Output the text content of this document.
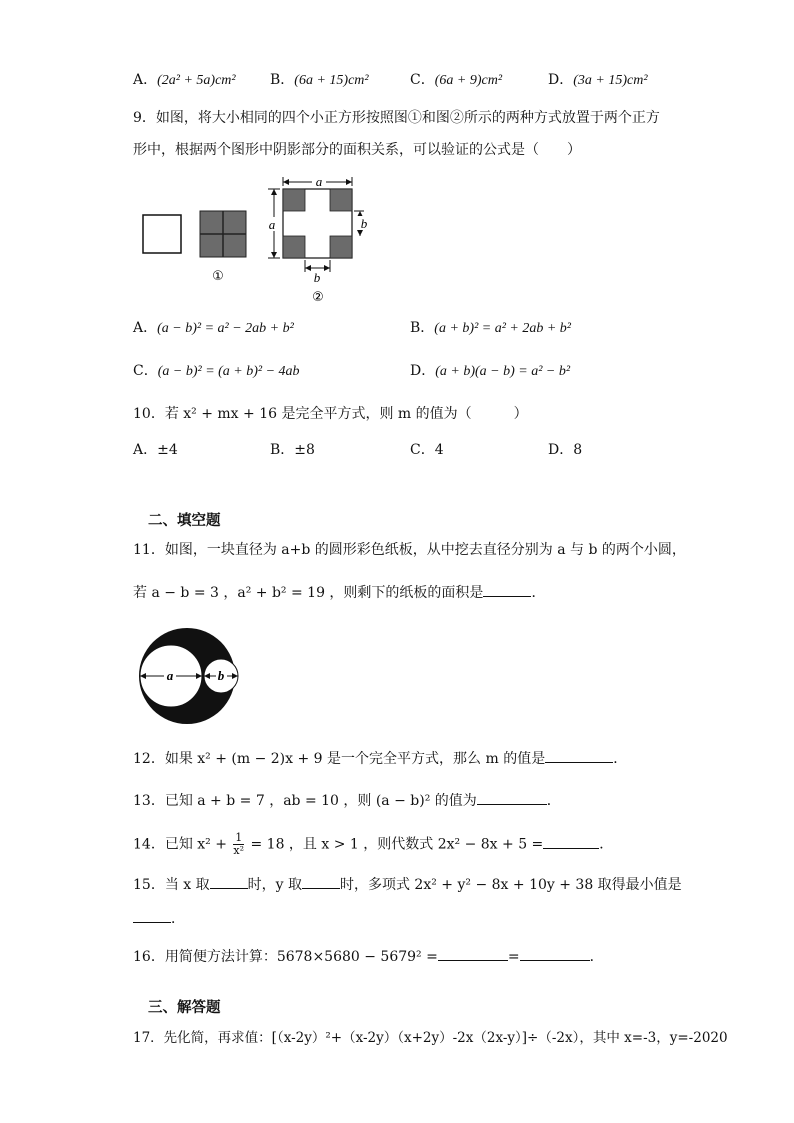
A．(2a² + 5a)cm² B．(6a + 15)cm²	C．(6a + 9)cm²	D．(3a + 15)cm²
9．如图，将大小相同的四个小正方形按照图①和图②所示的两种方式放置于两个正方
形中，根据两个图形中阴影部分的面积关系，可以验证的公式是（　　）
①
a
a	b
b
②
A．(a − b)² = a² − 2ab + b²	B．(a + b)² = a² + 2ab + b²
C．(a − b)² = (a + b)² − 4ab	D．(a + b)(a − b) = a² − b²
10．若 x² + mx + 16 是完全平方式，则 m 的值为（　　　）
A．±4	B．±8	C．4	D．8
二、填空题
11．如图，一块直径为 a+b 的圆形彩色纸板，从中挖去直径分别为 a 与 b 的两个小圆，
若 a − b = 3 ，a² + b² = 19 ，则剩下的纸板的面积是	．
a	b
12．如果 x² + (m − 2)x + 9 是一个完全平方式，那么 m 的值是	．
13．已知 a + b = 7 ，ab = 10 ，则 (a − b)² 的值为	．
14．已知 $x^2 + \frac{1}{\text{x²}} = 18$ ，且 x > 1 ，则代数式 2x² − 8x + 5 =	．
15．当 x 取	时，y 取	时，多项式 2x² + y² − 8x + 10y + 38 取得最小值是
．
16．用简便方法计算：5678×5680 − 5679² =	=	．
三、解答题
17．先化简，再求值：[（x-2y）²+（x-2y）（x+2y）-2x（2x-y）]÷（-2x），其中 x=-3，y=-2020
